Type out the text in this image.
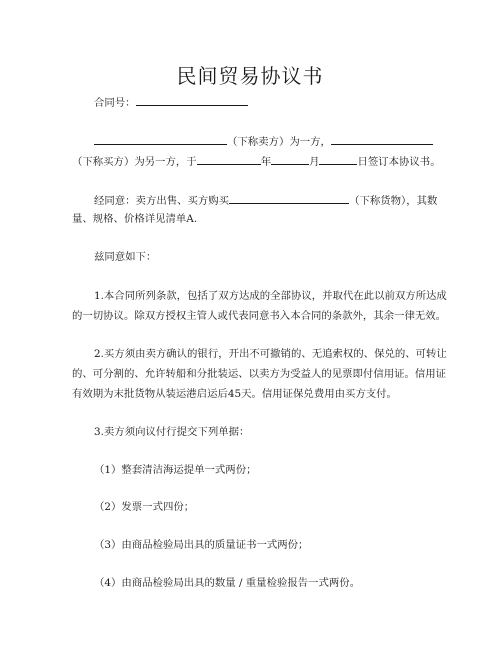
民间贸易协议书
合同号：
（下称卖方）为一方，
（下称买方）为另一方，于	年	月	日签订本协议书。
经同意：卖方出售、买方购买	（下称货物），其数
量、规格、价格详见清单A.
兹同意如下：
1.本合同所列条款，包括了双方达成的全部协议，并取代在此以前双方所达成
的一切协议。除双方授权主管人或代表同意书入本合同的条款外，其余一律无效。
2.买方须由卖方确认的银行，开出不可撤销的、无追索权的、保兑的、可转让
的、可分割的、允许转船和分批装运、以卖方为受益人的见票即付信用证。信用证
有效期为末批货物从装运港启运后45天。信用证保兑费用由买方支付。
3.卖方须向议付行提交下列单据：
（1）整套清洁海运提单一式两份；
（2）发票一式四份；
（3）由商品检验局出具的质量证书一式两份；
（4）由商品检验局出具的数量 / 重量检验报告一式两份。
